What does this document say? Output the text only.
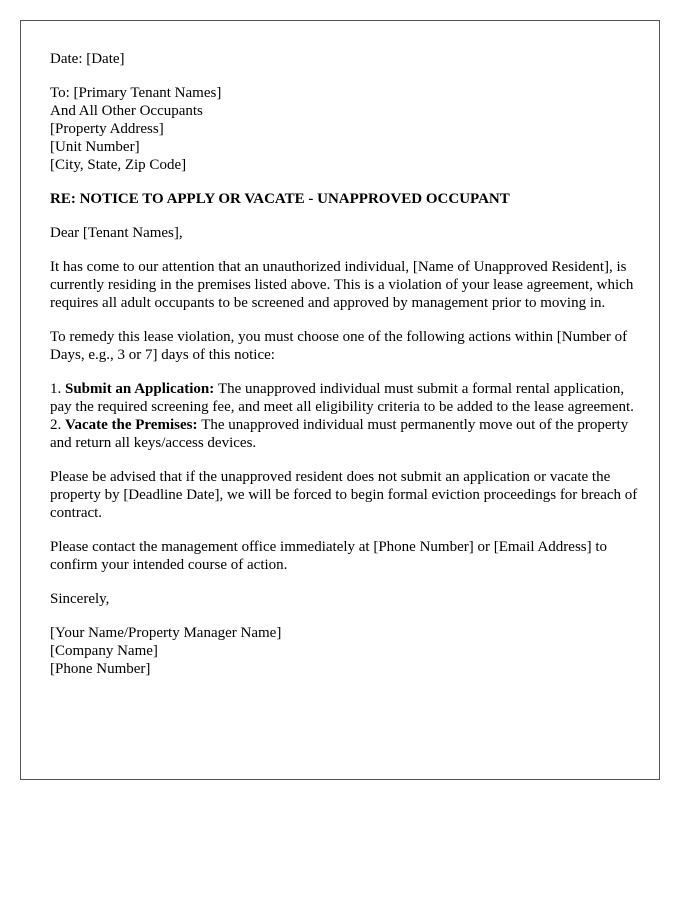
Date: [Date]

To: [Primary Tenant Names]

And All Other Occupants

[Property Address]

[Unit Number]

[City, State, Zip Code]

RE: NOTICE TO APPLY OR VACATE - UNAPPROVED OCCUPANT

Dear [Tenant Names],

It has come to our attention that an unauthorized individual, [Name of Unapproved Resident], is currently residing in the premises listed above. This is a violation of your lease agreement, which requires all adult occupants to be screened and approved by management prior to moving in.

To remedy this lease violation, you must choose one of the following actions within [Number of Days, e.g., 3 or 7] days of this notice:

1. Submit an Application: The unapproved individual must submit a formal rental application, pay the required screening fee, and meet all eligibility criteria to be added to the lease agreement.

2. Vacate the Premises: The unapproved individual must permanently move out of the property and return all keys/access devices.

Please be advised that if the unapproved resident does not submit an application or vacate the property by [Deadline Date], we will be forced to begin formal eviction proceedings for breach of contract.

Please contact the management office immediately at [Phone Number] or [Email Address] to confirm your intended course of action.

Sincerely,

[Your Name/Property Manager Name]

[Company Name]

[Phone Number]
